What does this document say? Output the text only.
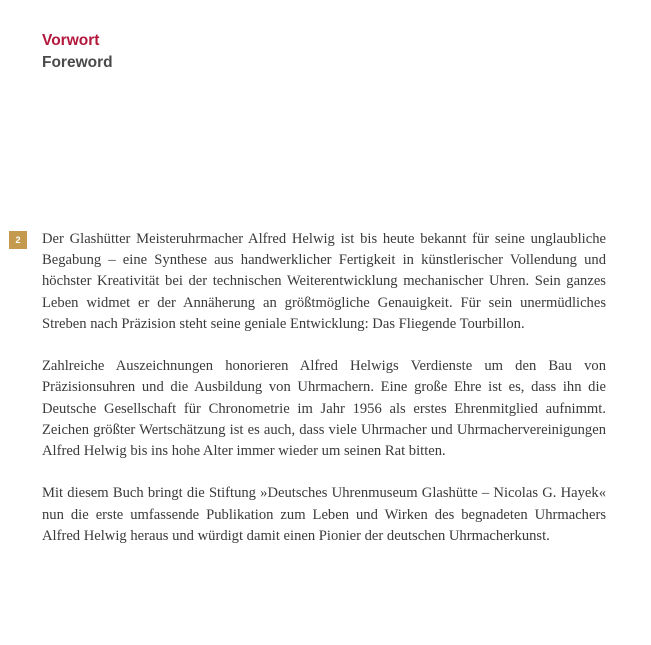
Vorwort
Foreword
2	Der Glashütter Meisteruhrmacher Alfred Helwig ist bis heute bekannt für seine unglaubliche Begabung – eine Synthese aus handwerklicher Fertigkeit in künstlerischer Vollendung und höchster Kreativität bei der technischen Weiterentwicklung mechanischer Uhren. Sein ganzes Leben widmet er der Annäherung an größtmögliche Genauigkeit. Für sein unermüdliches Streben nach Präzision steht seine geniale Entwicklung: Das Fliegende Tourbillon.

Zahlreiche Auszeichnungen honorieren Alfred Helwigs Verdienste um den Bau von Präzisionsuhren und die Ausbildung von Uhrmachern. Eine große Ehre ist es, dass ihn die Deutsche Gesellschaft für Chronometrie im Jahr 1956 als erstes Ehrenmitglied aufnimmt. Zeichen größter Wertschätzung ist es auch, dass viele Uhrmacher und Uhrmachervereinigungen Alfred Helwig bis ins hohe Alter immer wieder um seinen Rat bitten.

Mit diesem Buch bringt die Stiftung »Deutsches Uhrenmuseum Glashütte – Nicolas G. Hayek« nun die erste umfassende Publikation zum Leben und Wirken des begnadeten Uhrmachers Alfred Helwig heraus und würdigt damit einen Pionier der deutschen Uhrmacherkunst.
